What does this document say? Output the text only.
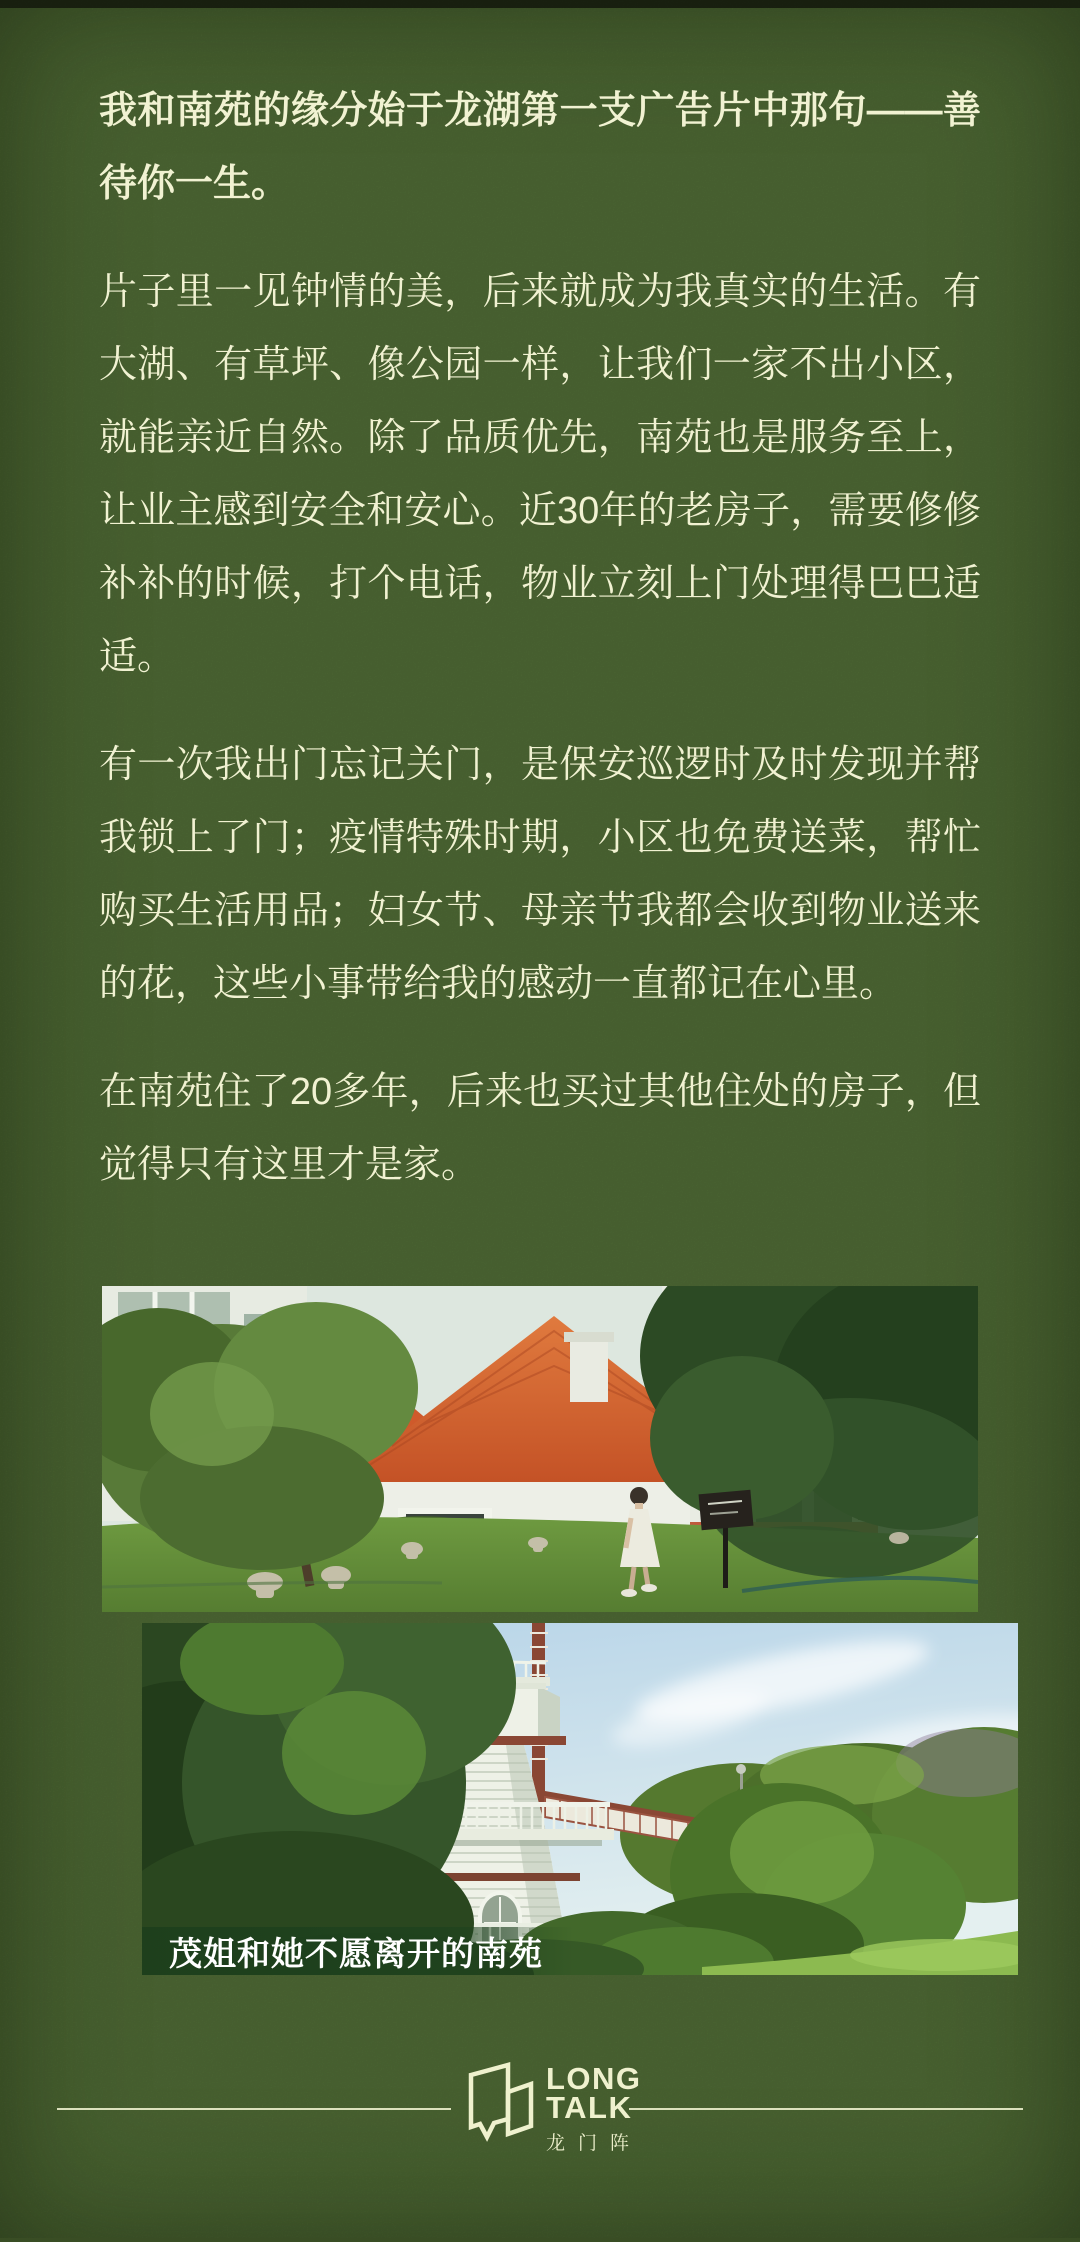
我和南苑的缘分始于龙湖第一支广告片中那句——善待你一生。

片子里一见钟情的美，后来就成为我真实的生活。有大湖、有草坪、像公园一样，让我们一家不出小区，就能亲近自然。除了品质优先，南苑也是服务至上，让业主感到安全和安心。近30年的老房子，需要修修补补的时候，打个电话，物业立刻上门处理得巴巴适适。

有一次我出门忘记关门，是保安巡逻时及时发现并帮我锁上了门；疫情特殊时期，小区也免费送菜，帮忙购买生活用品；妇女节、母亲节我都会收到物业送来的花，这些小事带给我的感动一直都记在心里。

在南苑住了20多年，后来也买过其他住处的房子，但觉得只有这里才是家。

茂姐和她不愿离开的南苑
LONG
TALK
龙门阵
